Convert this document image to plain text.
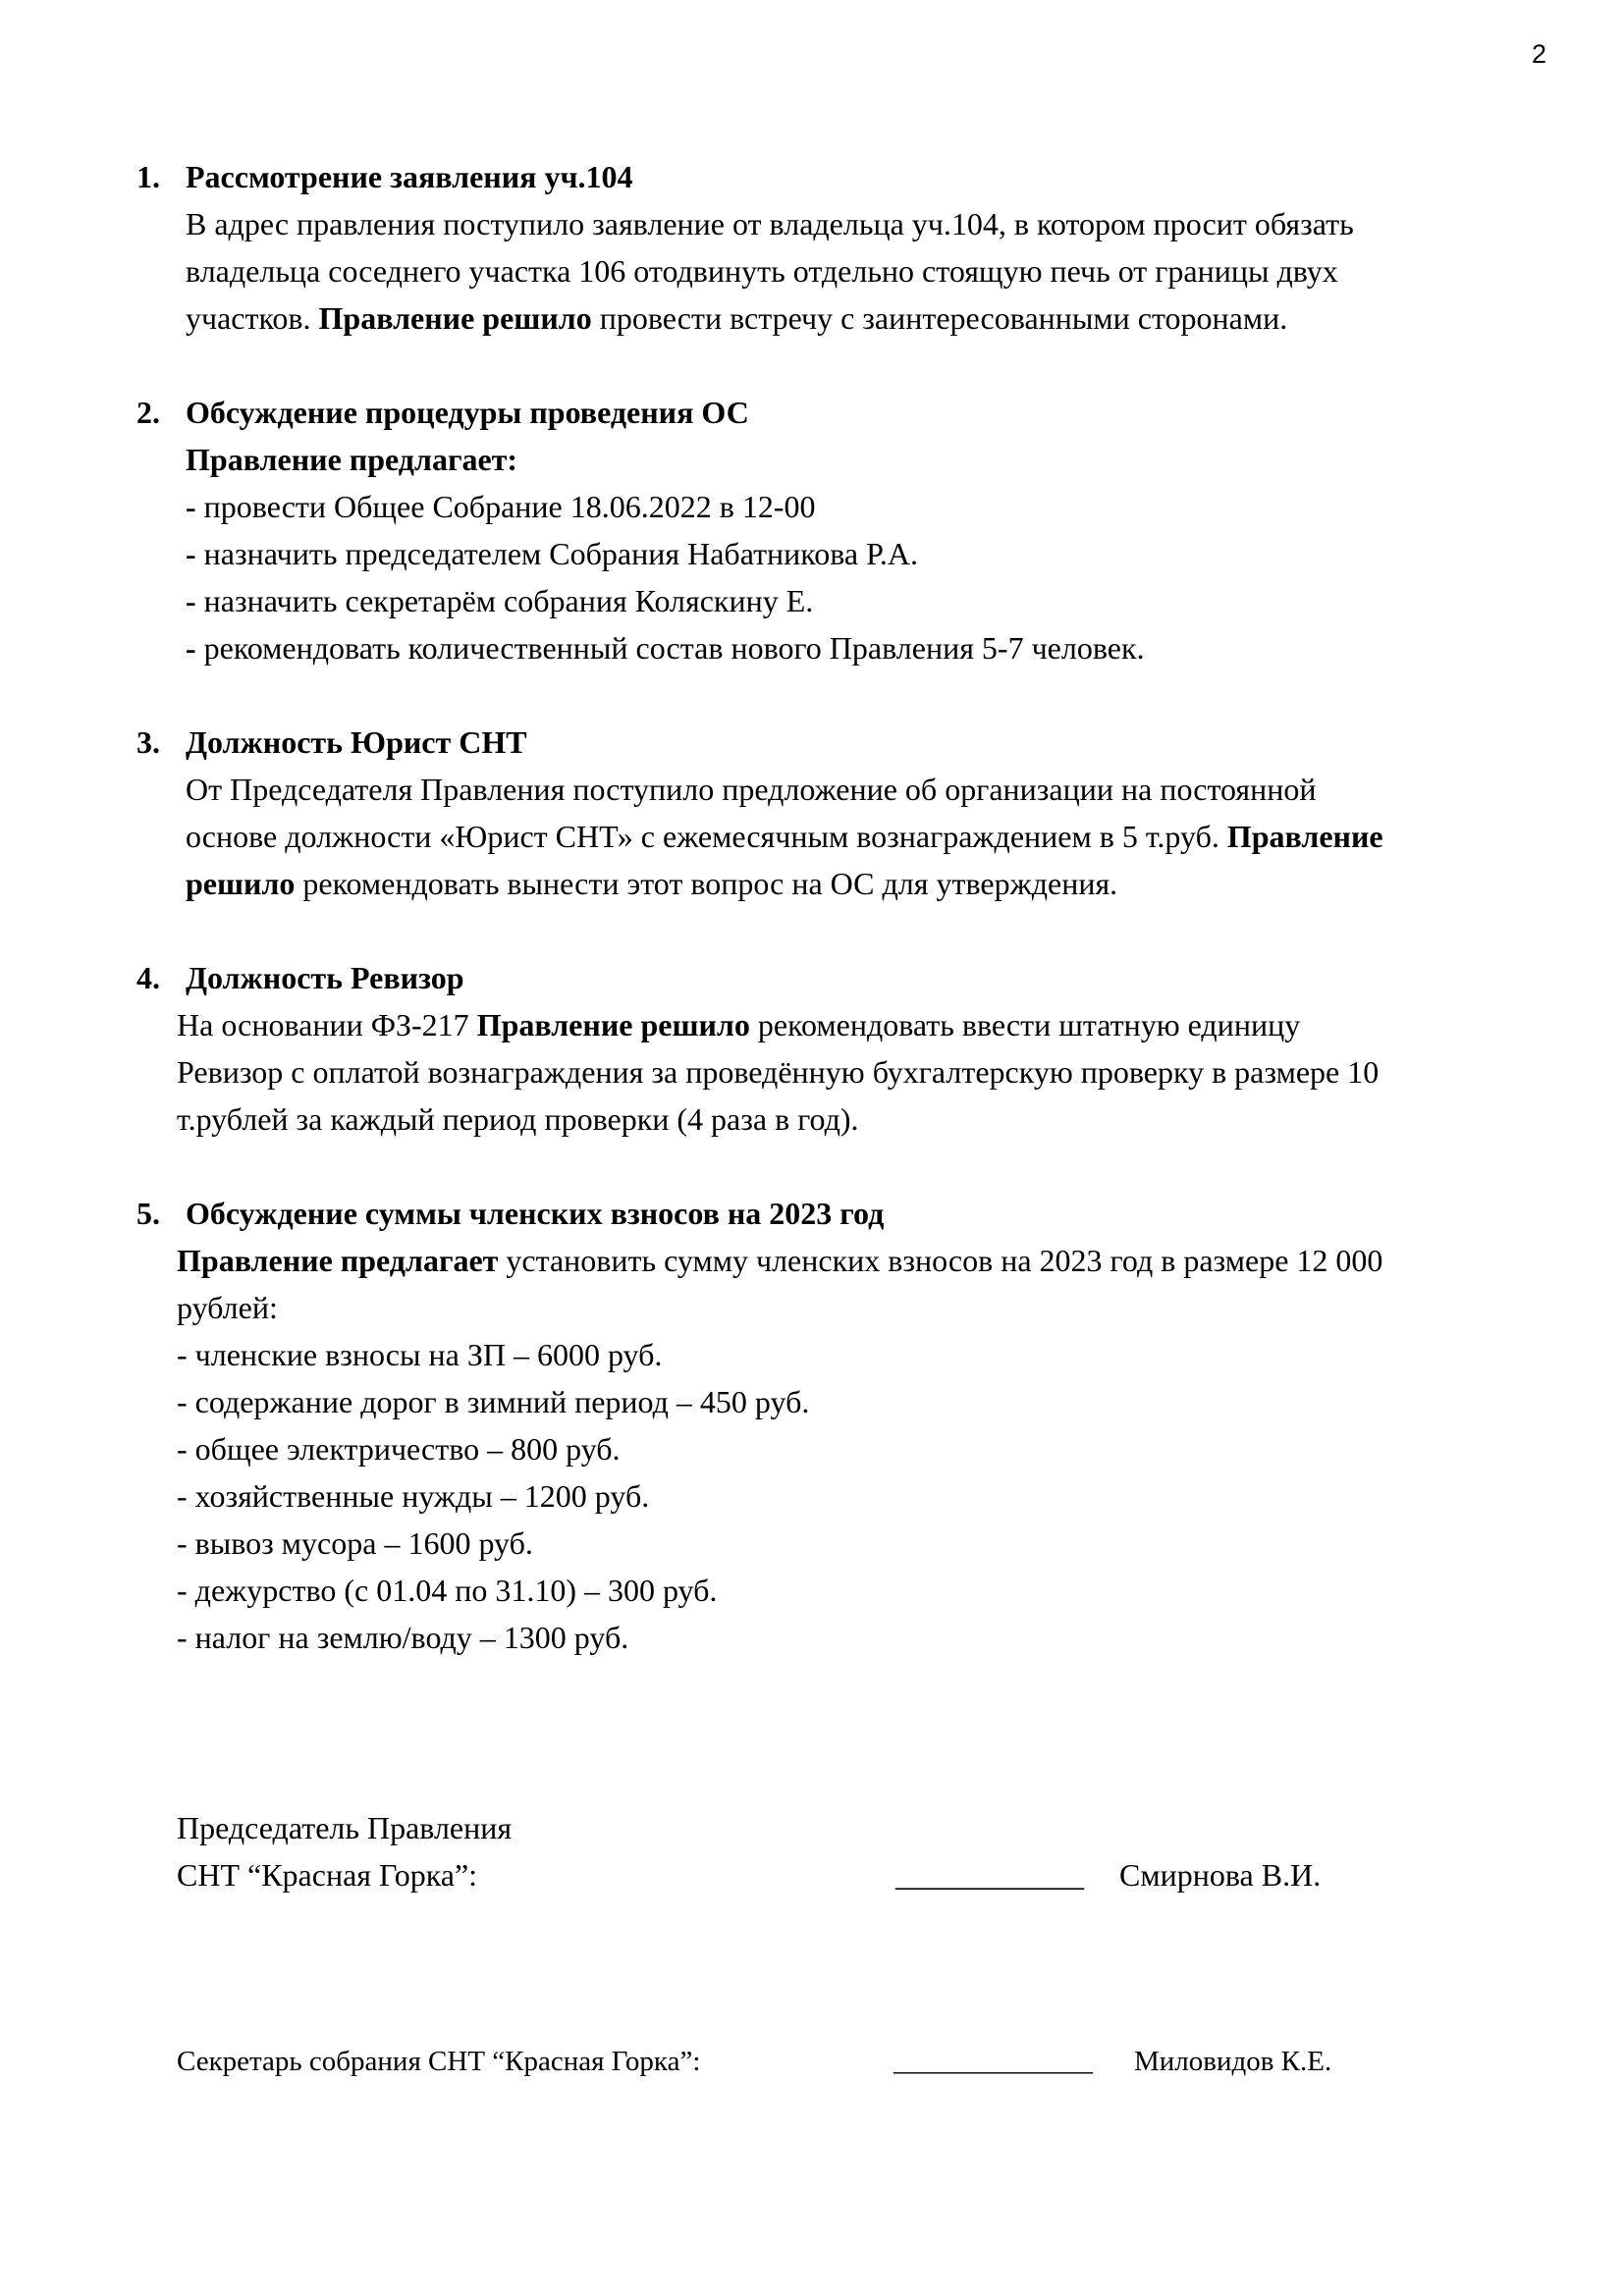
2
1. Рассмотрение заявления уч.104
В адрес правления поступило заявление от владельца уч.104, в котором просит обязать
владельца соседнего участка 106 отодвинуть отдельно стоящую печь от границы двух
участков. Правление решило провести встречу с заинтересованными сторонами.
2. Обсуждение процедуры проведения ОС
Правление предлагает:
- провести Общее Собрание 18.06.2022 в 12-00
- назначить председателем Собрания Набатникова Р.А.
- назначить секретарём собрания Коляскину Е.
- рекомендовать количественный состав нового Правления 5-7 человек.
3. Должность Юрист СНТ
От Председателя Правления поступило предложение об организации на постоянной
основе должности «Юрист СНТ» с ежемесячным вознаграждением в 5 т.руб. Правление
решило рекомендовать вынести этот вопрос на ОС для утверждения.
4. Должность Ревизор
На основании ФЗ-217 Правление решило рекомендовать ввести штатную единицу
Ревизор с оплатой вознаграждения за проведённую бухгалтерскую проверку в размере 10
т.рублей за каждый период проверки (4 раза в год).
5. Обсуждение суммы членских взносов на 2023 год
Правление предлагает установить сумму членских взносов на 2023 год в размере 12 000
рублей:
- членские взносы на ЗП – 6000 руб.
- содержание дорог в зимний период – 450 руб.
- общее электричество – 800 руб.
- хозяйственные нужды – 1200 руб.
- вывоз мусора – 1600 руб.
- дежурство (с 01.04 по 31.10) – 300 руб.
- налог на землю/воду – 1300 руб.
Председатель Правления
СНТ “Красная Горка”:	____________ Смирнова В.И.
Секретарь собрания СНТ “Красная Горка”:	______________ Миловидов К.Е.
